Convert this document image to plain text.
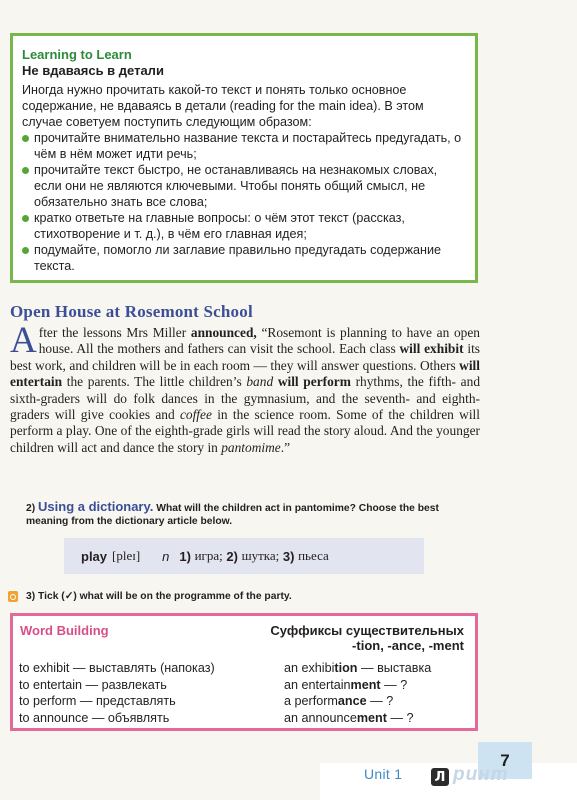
Learning to Learn
Не вдаваясь в детали

Иногда нужно прочитать какой-то текст и понять только основное содержание, не вдаваясь в детали (reading for the main idea). В этом случае советуем поступить следующим образом:

прочитайте внимательно название текста и постарайтесь предугадать, о чём в нём может идти речь;
прочитайте текст быстро, не останавливаясь на незнакомых словах, если они не являются ключевыми. Чтобы понять общий смысл, не обязательно знать все слова;
кратко ответьте на главные вопросы: о чём этот текст (рассказ, стихотворение и т. д.), в чём его главная идея;
подумайте, помогло ли заглавие правильно предугадать содержание текста.
Open House at Rosemont School
A fter the lessons Mrs Miller announced, “Rosemont is planning to have an open house. All the mothers and fathers can visit the school. Each class will exhibit its best work, and children will be in each room — they will answer questions. Others will entertain the parents. The little children’s band will perform rhythms, the fifth- and sixth-graders will do folk dances in the gymnasium, and the seventh- and eighth-graders will give cookies and coffee in the science room. Some of the children will perform a play. One of the eighth-grade girls will read the story aloud. And the younger children will act and dance the story in pantomime.”

2) Using a dictionary. What will the children act in pantomime? Choose the best meaning from the dictionary article below.
play [pleɪ] n 1)
игра;
2)
шутка;
3)
пьеса
3) Tick (✓) what will be on the programme of the party.
Word Building	Суффиксы существительных
-tion, -ance, -ment
to exhibit — выставлять (напоказ)
to entertain — развлекать
to perform — представлять
to announce — объявлять
an exhibition — выставка
an entertainment — ?
a performance — ?
an announcement — ?
7
Unit 1 Л ринт
